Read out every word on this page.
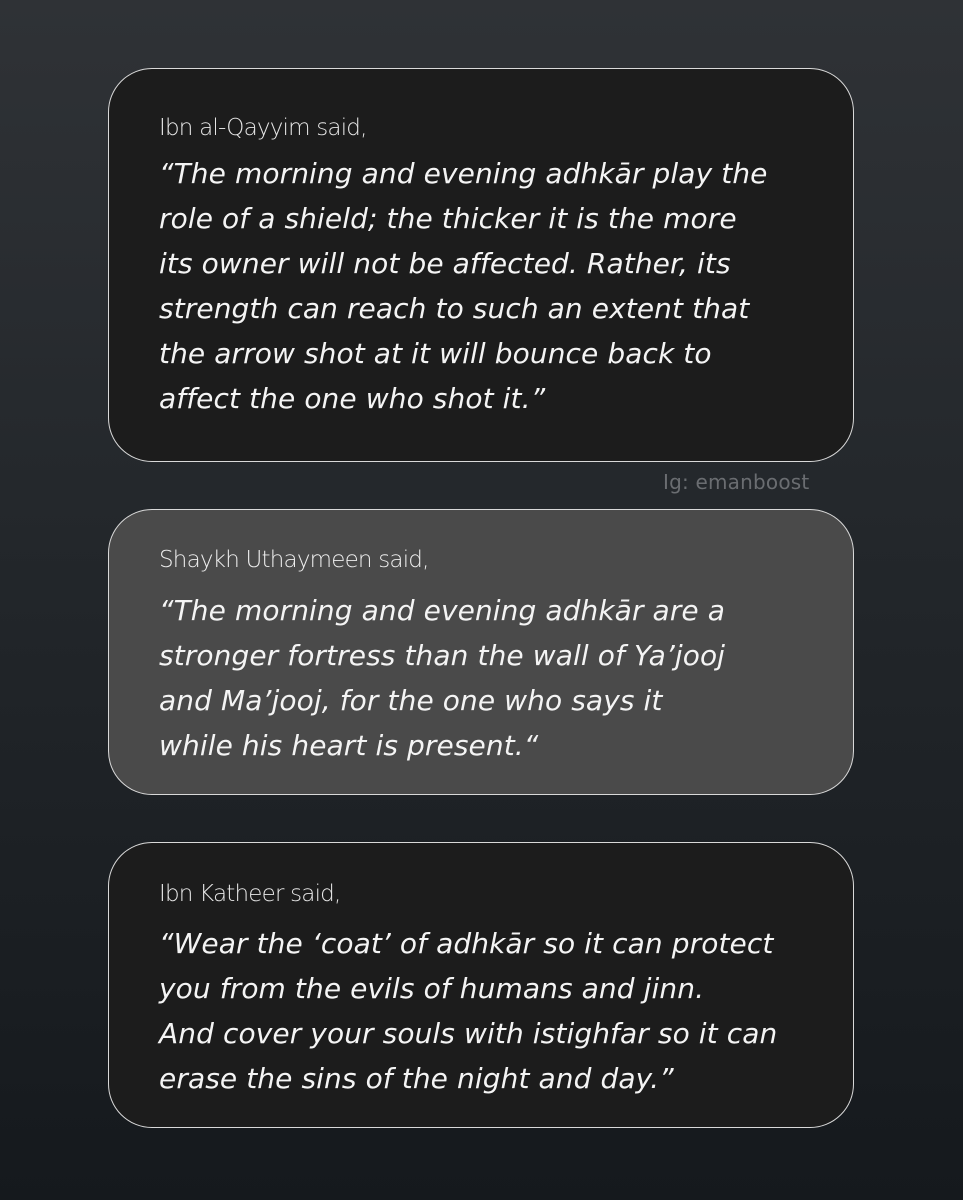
Ibn al-Qayyim said,

“The morning and evening adhkār play the
role of a shield; the thicker it is the more
its owner will not be affected. Rather, its
strength can reach to such an extent that
the arrow shot at it will bounce back to
affect the one who shot it.”

Ig: emanboost
Shaykh Uthaymeen said,

“The morning and evening adhkār are a
stronger fortress than the wall of Ya’jooj
and Ma’jooj, for the one who says it
while his heart is present.“

Ibn Katheer said,

“Wear the ‘coat’ of adhkār so it can protect
you from the evils of humans and jinn.
And cover your souls with istighfar so it can
erase the sins of the night and day.”
